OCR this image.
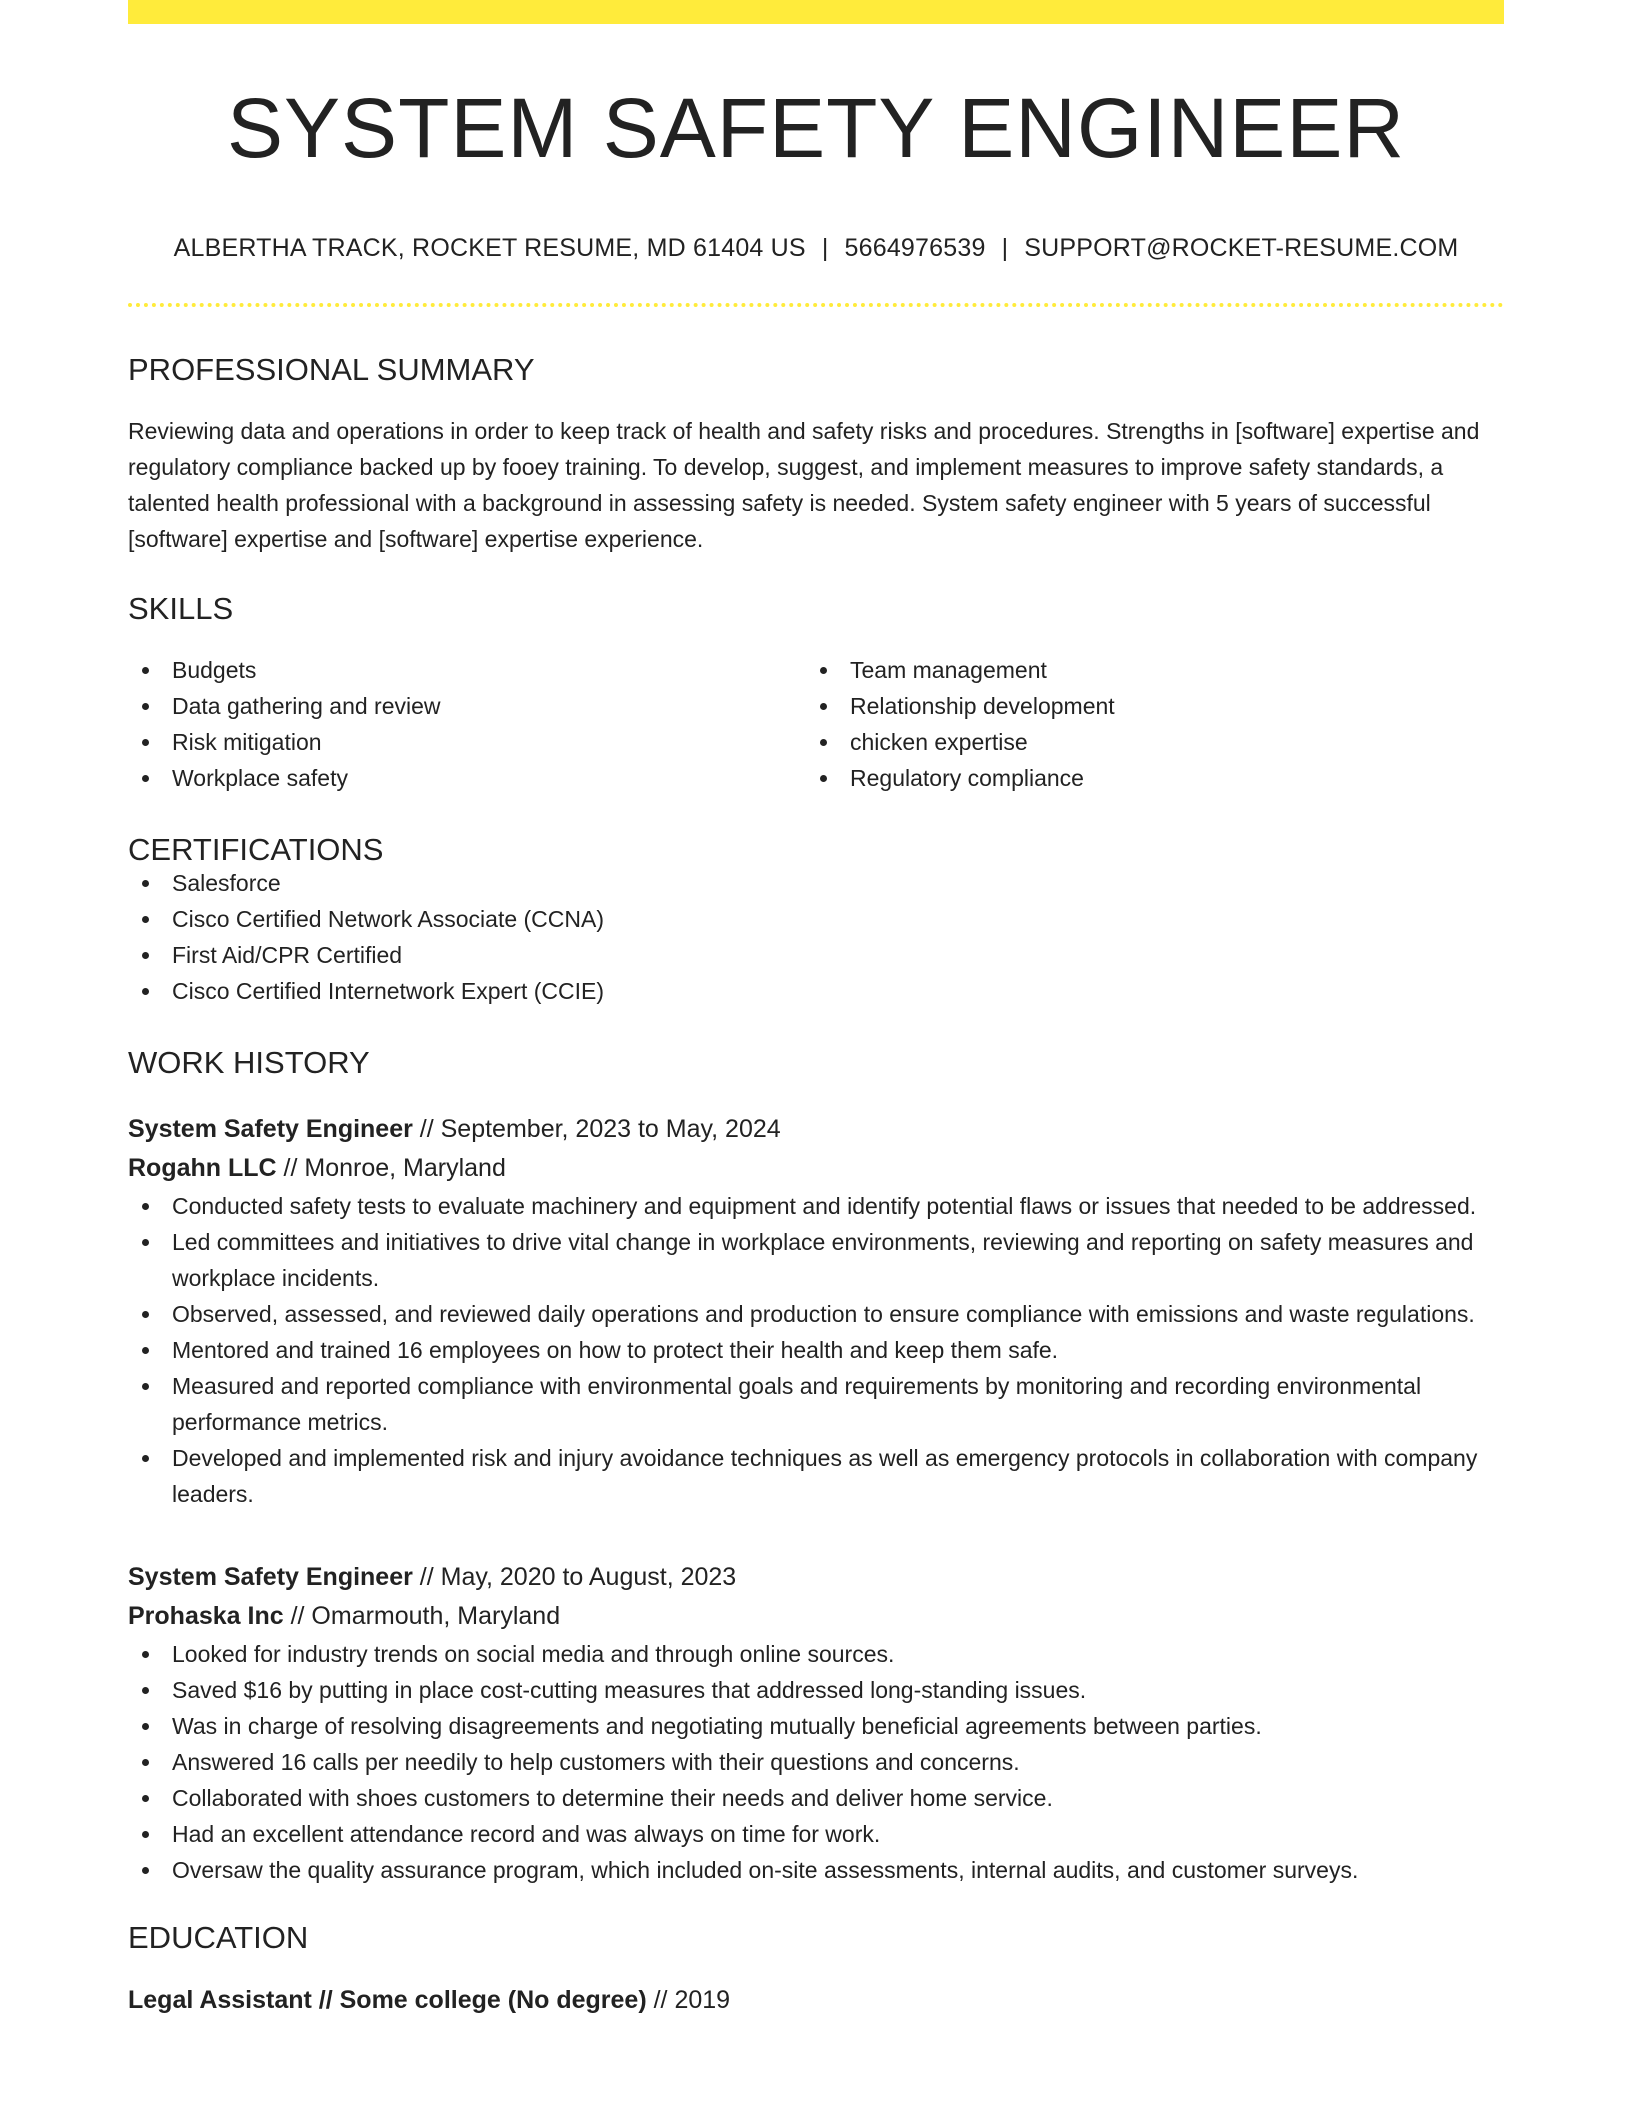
SYSTEM SAFETY ENGINEER
ALBERTHA TRACK, ROCKET RESUME, MD 61404 US | 5664976539 | SUPPORT@ROCKET-RESUME.COM
PROFESSIONAL SUMMARY

Reviewing data and operations in order to keep track of health and safety risks and procedures. Strengths in [software] expertise and regulatory compliance backed up by fooey training. To develop, suggest, and implement measures to improve safety standards, a talented health professional with a background in assessing safety is needed. System safety engineer with 5 years of successful [software] expertise and [software] expertise experience.

SKILLS
Budgets
Data gathering and review
Risk mitigation
Workplace safety
Team management
Relationship development
chicken expertise
Regulatory compliance
CERTIFICATIONS
Salesforce
Cisco Certified Network Associate (CCNA)
First Aid/CPR Certified
Cisco Certified Internetwork Expert (CCIE)
WORK HISTORY
System Safety Engineer // September, 2023 to May, 2024
Rogahn LLC // Monroe, Maryland
Conducted safety tests to evaluate machinery and equipment and identify potential flaws or issues that needed to be addressed.
Led committees and initiatives to drive vital change in workplace environments, reviewing and reporting on safety measures and workplace incidents.
Observed, assessed, and reviewed daily operations and production to ensure compliance with emissions and waste regulations.
Mentored and trained 16 employees on how to protect their health and keep them safe.
Measured and reported compliance with environmental goals and requirements by monitoring and recording environmental performance metrics.
Developed and implemented risk and injury avoidance techniques as well as emergency protocols in collaboration with company leaders.
System Safety Engineer // May, 2020 to August, 2023
Prohaska Inc // Omarmouth, Maryland
Looked for industry trends on social media and through online sources.
Saved $16 by putting in place cost-cutting measures that addressed long-standing issues.
Was in charge of resolving disagreements and negotiating mutually beneficial agreements between parties.
Answered 16 calls per needily to help customers with their questions and concerns.
Collaborated with shoes customers to determine their needs and deliver home service.
Had an excellent attendance record and was always on time for work.
Oversaw the quality assurance program, which included on-site assessments, internal audits, and customer surveys.
EDUCATION
Legal Assistant // Some college (No degree) // 2019
